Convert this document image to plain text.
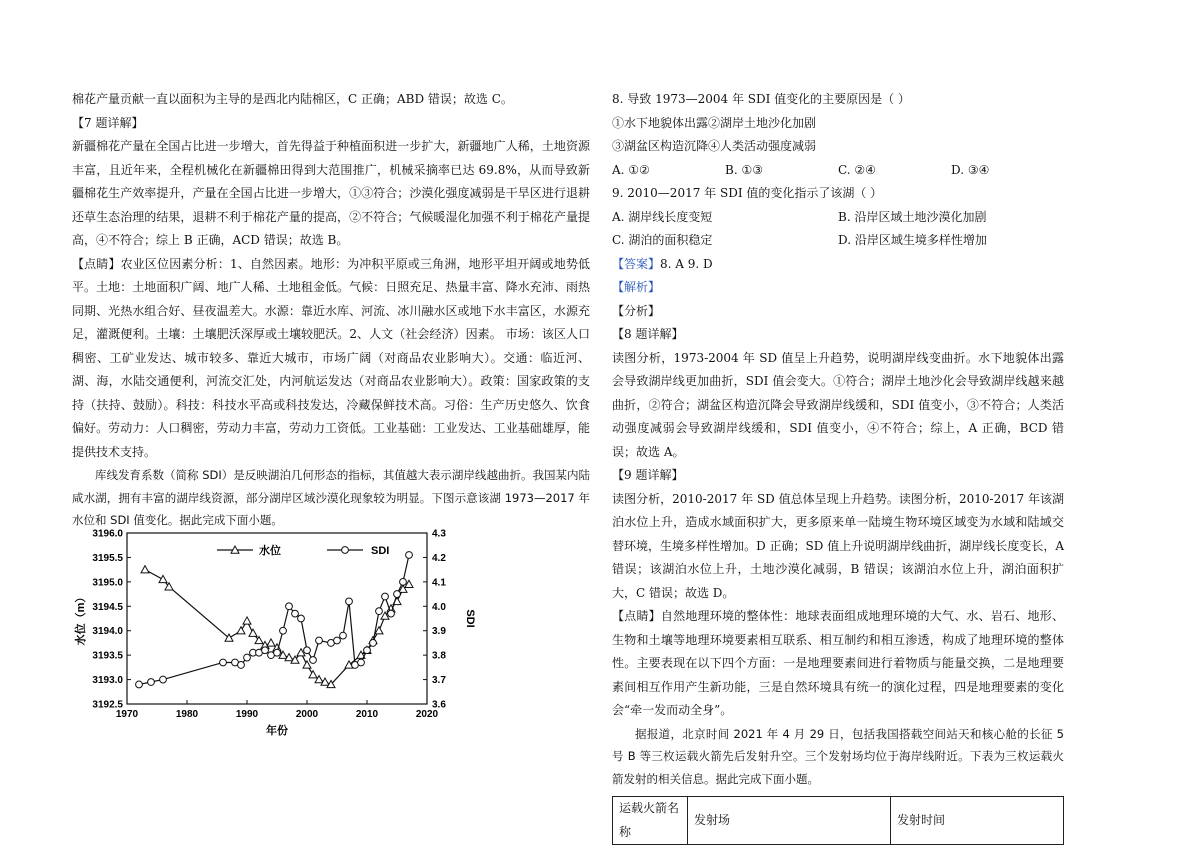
棉花产量贡献一直以面积为主导的是西北内陆棉区，C 正确；ABD 错误；故选 C。

【7 题详解】

新疆棉花产量在全国占比进一步增大，首先得益于种植面积进一步扩大，新疆地广人稀，土地资源丰富，且近年来，全程机械化在新疆棉田得到大范围推广，机械采摘率已达 69.8%，从而导致新疆棉花生产效率提升，产量在全国占比进一步增大，①③符合；沙漠化强度减弱是干旱区进行退耕还草生态治理的结果，退耕不利于棉花产量的提高，②不符合；气候暖湿化加强不利于棉花产量提高，④不符合；综上 B 正确，ACD 错误；故选 B。

【点睛】农业区位因素分析：1、自然因素。地形：为冲积平原或三角洲，地形平坦开阔或地势低平。土地：土地面积广阔、地广人稀、土地租金低。气候：日照充足、热量丰富、降水充沛、雨热同期、光热水组合好、昼夜温差大。水源：靠近水库、河流、冰川融水区或地下水丰富区，水源充足，灌溉便利。土壤：土壤肥沃深厚或土壤较肥沃。2、人文（社会经济）因素。 市场：该区人口稠密、工矿业发达、城市较多、靠近大城市，市场广阔（对商品农业影响大）。交通：临近河、湖、海，水陆交通便利，河流交汇处，内河航运发达（对商品农业影响大）。政策：国家政策的支持（扶持、鼓励）。科技：科技水平高或科技发达，冷藏保鲜技术高。习俗：生产历史悠久、饮食偏好。劳动力：人口稠密，劳动力丰富，劳动力工资低。工业基础：工业发达、工业基础雄厚，能提供技术支持。

库线发育系数（简称 SDI）是反映湖泊几何形态的指标，其值越大表示湖岸线越曲折。我国某内陆咸水湖，拥有丰富的湖岸线资源，部分湖岸区域沙漠化现象较为明显。下图示意该湖 1973—2017 年水位和 SDI 值变化。据此完成下面小题。

1970	1980	1990	2000	2010	2020
3196.0
3195.5
3195.0
3194.5
3194.0
3193.5
3193.0
3192.5
4.3
4.2
4.1
4.0
3.9
3.8
3.7
3.6
年份
水位（m）	SDI
水位	SDI

8. 导致 1973—2004 年 SDI 值变化的主要原因是（ ）

①水下地貌体出露②湖岸土地沙化加剧

③湖盆区构造沉降④人类活动强度减弱

A. ①②	B. ①③	C. ②④	D. ③④

9. 2010—2017 年 SDI 值的变化指示了该湖（ ）

A. 湖岸线长度变短	B. 沿岸区域土地沙漠化加剧
C. 湖泊的面积稳定	D. 沿岸区域生境多样性增加

【答案】8. A 9. D

【解析】

【分析】

【8 题详解】

读图分析，1973-2004 年 SD 值呈上升趋势，说明湖岸线变曲折。水下地貌体出露会导致湖岸线更加曲折，SDI 值会变大。①符合；湖岸土地沙化会导致湖岸线越来越曲折，②符合；湖盆区构造沉降会导致湖岸线缓和，SDI 值变小，③不符合；人类活动强度减弱会导致湖岸线缓和，SDI 值变小，④不符合；综上，A 正确，BCD 错误；故选 A。

【9 题详解】

读图分析，2010-2017 年 SD 值总体呈现上升趋势。读图分析，2010-2017 年该湖泊水位上升，造成水域面积扩大，更多原来单一陆境生物环境区域变为水域和陆域交替环境，生境多样性增加。D 正确；SD 值上升说明湖岸线曲折，湖岸线长度变长，A 错误；该湖泊水位上升，土地沙漠化减弱，B 错误；该湖泊水位上升，湖泊面积扩大，C 错误；故选 D。

【点睛】自然地理环境的整体性：地球表面组成地理环境的大气、水、岩石、地形、生物和土壤等地理环境要素相互联系、相互制约和相互渗透，构成了地理环境的整体性。主要表现在以下四个方面：一是地理要素间进行着物质与能量交换，二是地理要素间相互作用产生新功能，三是自然环境具有统一的演化过程，四是地理要素的变化会“牵一发而动全身”。

据报道，北京时间 2021 年 4 月 29 日，包括我国搭载空间站天和核心舱的长征 5 号 B 等三枚运载火箭先后发射升空。三个发射场均位于海岸线附近。下表为三枚运载火箭发射的相关信息。据此完成下面小题。

运载火箭名称	发射场	发射时间
